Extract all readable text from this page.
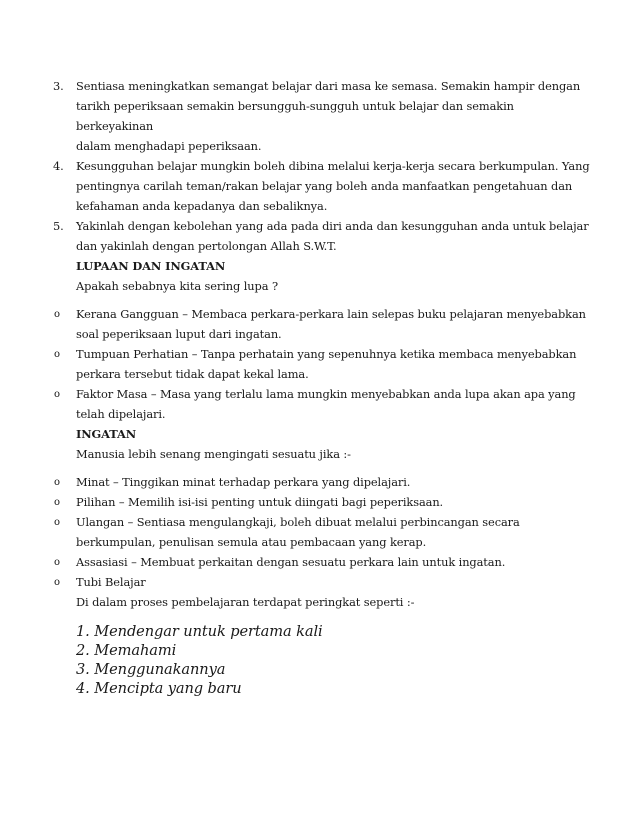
3. Sentiasa meningkatkan semangat belajar dari masa ke semasa. Semakin hampir dengan
tarikh peperiksaan semakin bersungguh-sungguh untuk belajar dan semakin berkeyakinan
dalam menghadapi peperiksaan.
4. Kesungguhan belajar mungkin boleh dibina melalui kerja-kerja secara berkumpulan. Yang
pentingnya carilah teman/rakan belajar yang boleh anda manfaatkan pengetahuan dan
kefahaman anda kepadanya dan sebaliknya.
5. Yakinlah dengan kebolehan yang ada pada diri anda dan kesungguhan anda untuk belajar
dan yakinlah dengan pertolongan Allah S.W.T.
LUPAAN DAN INGATAN
Apakah sebabnya kita sering lupa ?
o Kerana Gangguan – Membaca perkara-perkara lain selepas buku pelajaran menyebabkan
soal peperiksaan luput dari ingatan.
o Tumpuan Perhatian – Tanpa perhatain yang sepenuhnya ketika membaca menyebabkan
perkara tersebut tidak dapat kekal lama.
o Faktor Masa – Masa yang terlalu lama mungkin menyebabkan anda lupa akan apa yang
telah dipelajari.
INGATAN
Manusia lebih senang mengingati sesuatu jika :-
o Minat – Tinggikan minat terhadap perkara yang dipelajari.
o Pilihan – Memilih isi-isi penting untuk diingati bagi peperiksaan.
o Ulangan – Sentiasa mengulangkaji, boleh dibuat melalui perbincangan secara
berkumpulan, penulisan semula atau pembacaan yang kerap.
o Assasiasi – Membuat perkaitan dengan sesuatu perkara lain untuk ingatan.
o Tubi Belajar
Di dalam proses pembelajaran terdapat peringkat seperti :-
1. Mendengar untuk pertama kali
2. Memahami
3. Menggunakannya
4. Mencipta yang baru
